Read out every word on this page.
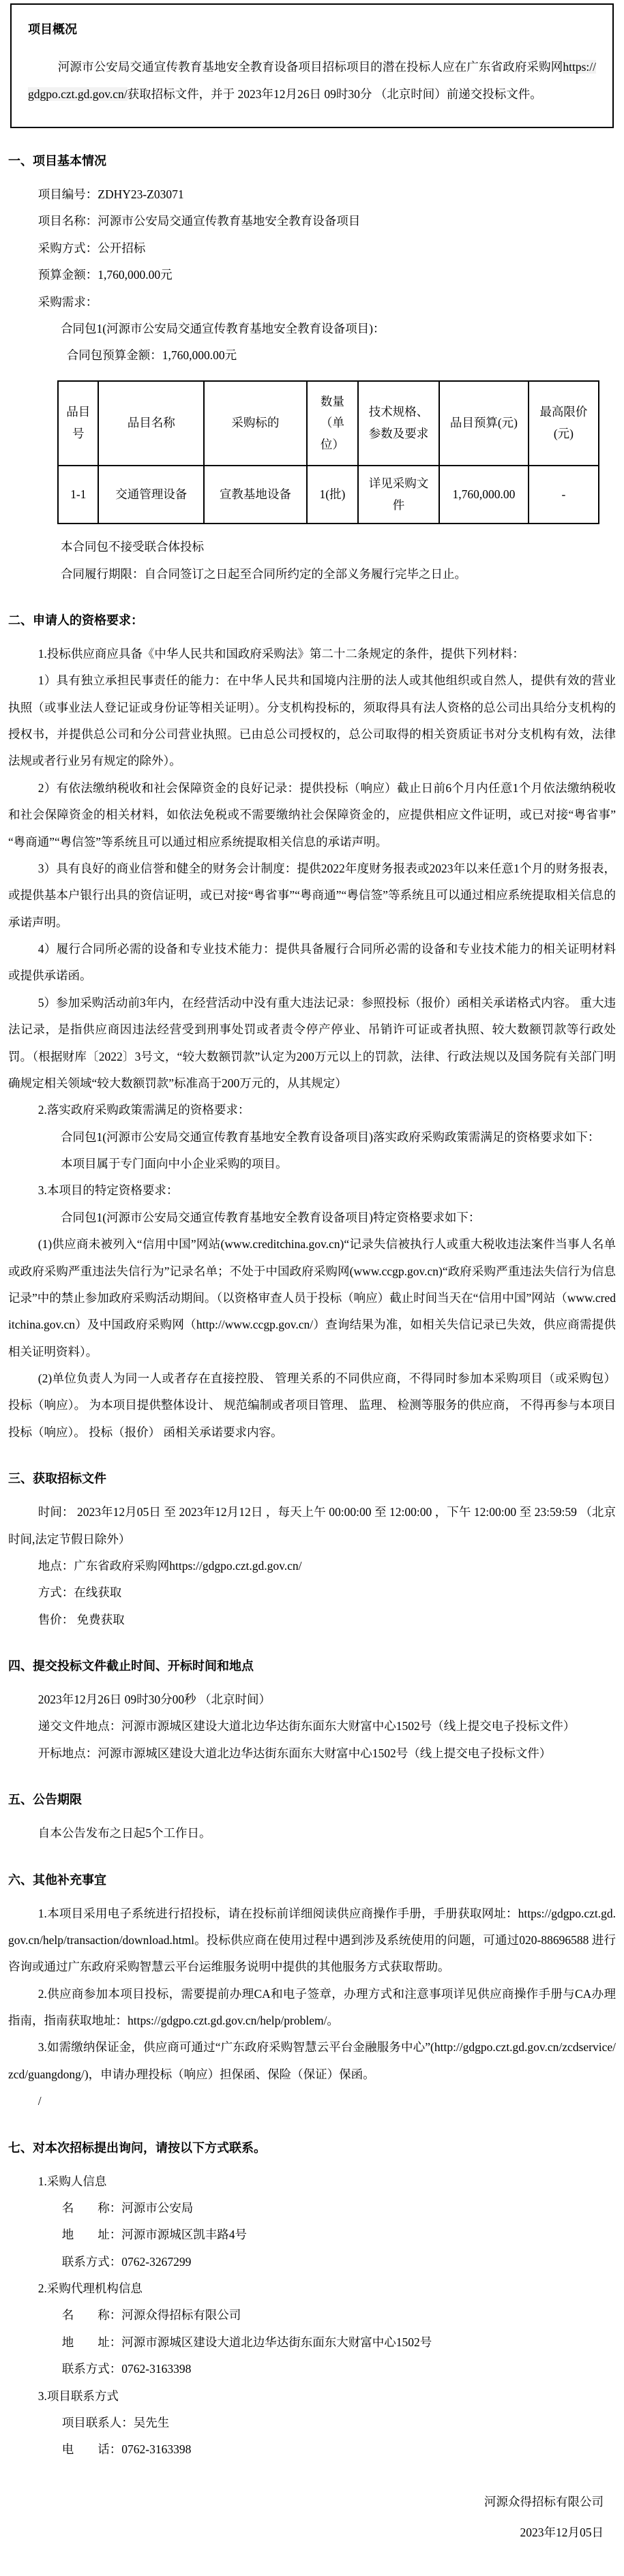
项目概况

河源市公安局交通宣传教育基地安全教育设备项目招标项目的潜在投标人应在广东省政府采购网https://gdgpo.czt.gd.gov.cn/获取招标文件，并于 2023年12月26日 09时30分 （北京时间）前递交投标文件。

一、项目基本情况

项目编号：ZDHY23-Z03071

项目名称：河源市公安局交通宣传教育基地安全教育设备项目

采购方式：公开招标

预算金额：1,760,000.00元

采购需求：

合同包1(河源市公安局交通宣传教育基地安全教育设备项目)：

合同包预算金额：1,760,000.00元

品目号	品目名称	采购标的	数量（单位）	技术规格、参数及要求	品目预算(元)	最高限价(元)
1-1	交通管理设备	宣教基地设备	1(批)	详见采购文件	1,760,000.00	-

本合同包不接受联合体投标

合同履行期限：自合同签订之日起至合同所约定的全部义务履行完毕之日止。

二、申请人的资格要求：

1.投标供应商应具备《中华人民共和国政府采购法》第二十二条规定的条件，提供下列材料：

1）具有独立承担民事责任的能力：在中华人民共和国境内注册的法人或其他组织或自然人，提供有效的营业执照（或事业法人登记证或身份证等相关证明）。分支机构投标的，须取得具有法人资格的总公司出具给分支机构的授权书，并提供总公司和分公司营业执照。已由总公司授权的，总公司取得的相关资质证书对分支机构有效，法律法规或者行业另有规定的除外）。

2）有依法缴纳税收和社会保障资金的良好记录：提供投标（响应）截止日前6个月内任意1个月依法缴纳税收和社会保障资金的相关材料，如依法免税或不需要缴纳社会保障资金的，应提供相应文件证明，或已对接“粤省事”“粤商通”“粤信签”等系统且可以通过相应系统提取相关信息的承诺声明。

3）具有良好的商业信誉和健全的财务会计制度：提供2022年度财务报表或2023年以来任意1个月的财务报表，或提供基本户银行出具的资信证明，或已对接“粤省事”“粤商通”“粤信签”等系统且可以通过相应系统提取相关信息的承诺声明。

4）履行合同所必需的设备和专业技术能力：提供具备履行合同所必需的设备和专业技术能力的相关证明材料或提供承诺函。

5）参加采购活动前3年内，在经营活动中没有重大违法记录：参照投标（报价）函相关承诺格式内容。 重大违法记录，是指供应商因违法经营受到刑事处罚或者责令停产停业、吊销许可证或者执照、较大数额罚款等行政处罚。（根据财库〔2022〕3号文，“较大数额罚款”认定为200万元以上的罚款，法律、行政法规以及国务院有关部门明确规定相关领域“较大数额罚款”标准高于200万元的，从其规定）

2.落实政府采购政策需满足的资格要求：

合同包1(河源市公安局交通宣传教育基地安全教育设备项目)落实政府采购政策需满足的资格要求如下：

本项目属于专门面向中小企业采购的项目。

3.本项目的特定资格要求：

合同包1(河源市公安局交通宣传教育基地安全教育设备项目)特定资格要求如下：

(1)供应商未被列入“信用中国”网站(www.creditchina.gov.cn)“记录失信被执行人或重大税收违法案件当事人名单或政府采购严重违法失信行为”记录名单；不处于中国政府采购网(www.ccgp.gov.cn)“政府采购严重违法失信行为信息记录”中的禁止参加政府采购活动期间。（以资格审查人员于投标（响应）截止时间当天在“信用中国”网站（www.creditchina.gov.cn）及中国政府采购网（http://www.ccgp.gov.cn/）查询结果为准，如相关失信记录已失效，供应商需提供相关证明资料）。

(2)单位负责人为同一人或者存在直接控股、 管理关系的不同供应商，不得同时参加本采购项目（或采购包） 投标（响应）。 为本项目提供整体设计、 规范编制或者项目管理、 监理、 检测等服务的供应商， 不得再参与本项目投标（响应）。 投标（报价） 函相关承诺要求内容。

三、获取招标文件

时间： 2023年12月05日 至 2023年12月12日 ，每天上午 00:00:00 至 12:00:00 ，下午 12:00:00 至 23:59:59 （北京时间,法定节假日除外）

地点：广东省政府采购网https://gdgpo.czt.gd.gov.cn/

方式：在线获取

售价： 免费获取

四、提交投标文件截止时间、开标时间和地点

2023年12月26日 09时30分00秒 （北京时间）

递交文件地点：河源市源城区建设大道北边华达街东面东大财富中心1502号（线上提交电子投标文件）

开标地点：河源市源城区建设大道北边华达街东面东大财富中心1502号（线上提交电子投标文件）

五、公告期限

自本公告发布之日起5个工作日。

六、其他补充事宜

1.本项目采用电子系统进行招投标，请在投标前详细阅读供应商操作手册，手册获取网址：https://gdgpo.czt.gd.gov.cn/help/transaction/download.html。投标供应商在使用过程中遇到涉及系统使用的问题，可通过020-88696588 进行咨询或通过广东政府采购智慧云平台运维服务说明中提供的其他服务方式获取帮助。

2.供应商参加本项目投标，需要提前办理CA和电子签章，办理方式和注意事项详见供应商操作手册与CA办理指南，指南获取地址：https://gdgpo.czt.gd.gov.cn/help/problem/。

3.如需缴纳保证金，供应商可通过“广东政府采购智慧云平台金融服务中心”(http://gdgpo.czt.gd.gov.cn/zcdservice/zcd/guangdong/)，申请办理投标（响应）担保函、保险（保证）保函。

/

七、对本次招标提出询问，请按以下方式联系。

1.采购人信息

名　　称：河源市公安局

地　　址：河源市源城区凯丰路4号

联系方式：0762-3267299

2.采购代理机构信息

名　　称：河源众得招标有限公司

地　　址：河源市源城区建设大道北边华达街东面东大财富中心1502号

联系方式：0762-3163398

3.项目联系方式

项目联系人：吴先生

电　　话：0762-3163398

河源众得招标有限公司

2023年12月05日
